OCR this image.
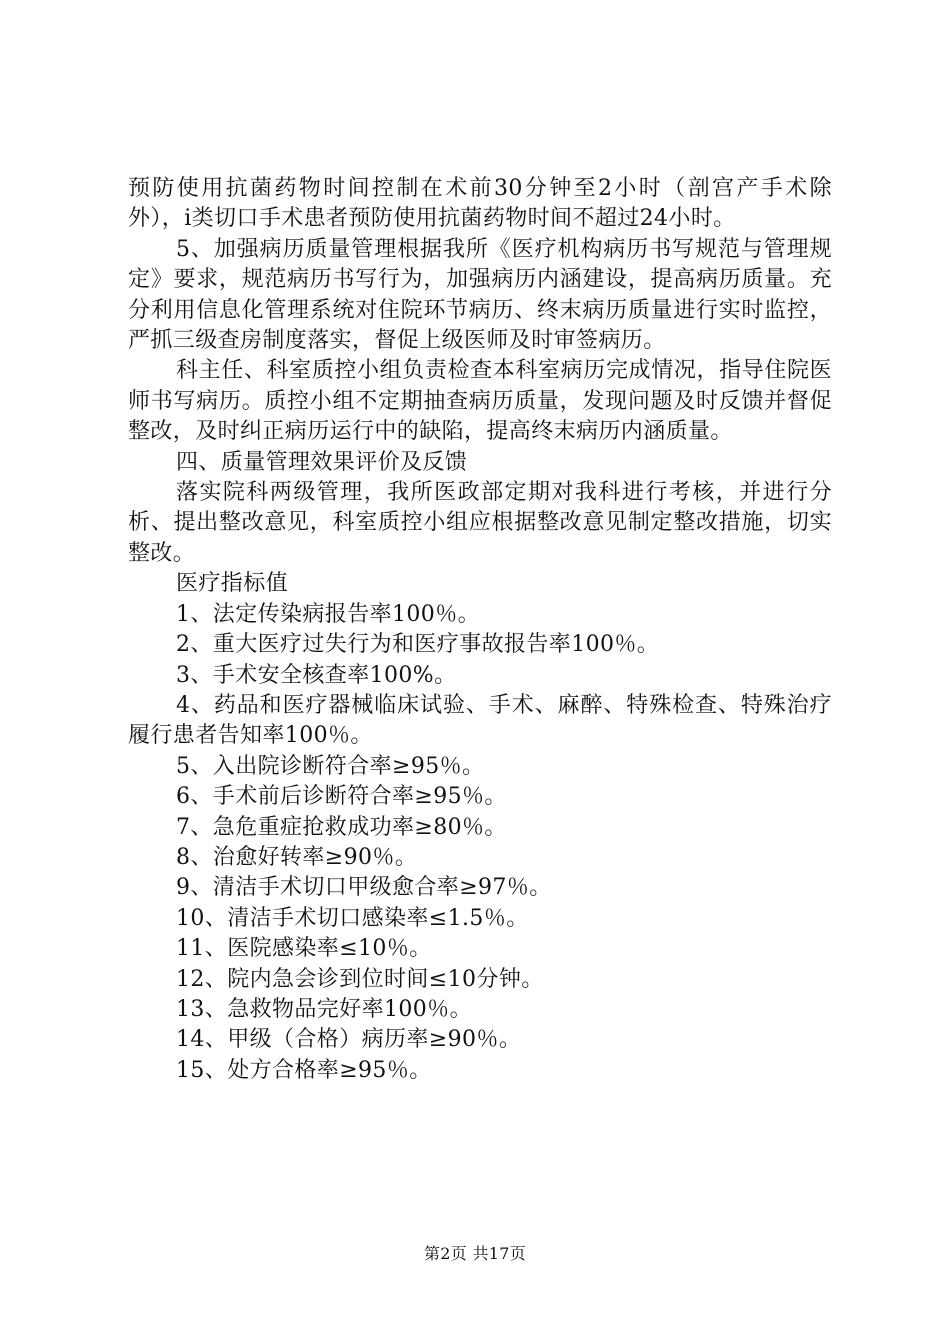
预防使用抗菌药物时间控制在术前30分钟至2小时（剖宫产手术除外），i类切口手术患者预防使用抗菌药物时间不超过24小时。

5、加强病历质量管理根据我所《医疗机构病历书写规范与管理规定》要求，规范病历书写行为，加强病历内涵建设，提高病历质量。充分利用信息化管理系统对住院环节病历、终末病历质量进行实时监控，严抓三级查房制度落实，督促上级医师及时审签病历。

科主任、科室质控小组负责检查本科室病历完成情况，指导住院医师书写病历。质控小组不定期抽查病历质量，发现问题及时反馈并督促整改，及时纠正病历运行中的缺陷，提高终末病历内涵质量。

四、质量管理效果评价及反馈

落实院科两级管理，我所医政部定期对我科进行考核，并进行分析、提出整改意见，科室质控小组应根据整改意见制定整改措施，切实整改。

医疗指标值

1、法定传染病报告率100％。

2、重大医疗过失行为和医疗事故报告率100％。

3、手术安全核查率100%。

4、药品和医疗器械临床试验、手术、麻醉、特殊检查、特殊治疗履行患者告知率100％。

5、入出院诊断符合率≥95％。

6、手术前后诊断符合率≥95％。

7、急危重症抢救成功率≥80％。

8、治愈好转率≥90％。

9、清洁手术切口甲级愈合率≥97％。

10、清洁手术切口感染率≤1.5％。

11、医院感染率≤10％。

12、院内急会诊到位时间≤10分钟。

13、急救物品完好率100％。

14、甲级（合格）病历率≥90％。

15、处方合格率≥95％。

第2页 共17页
